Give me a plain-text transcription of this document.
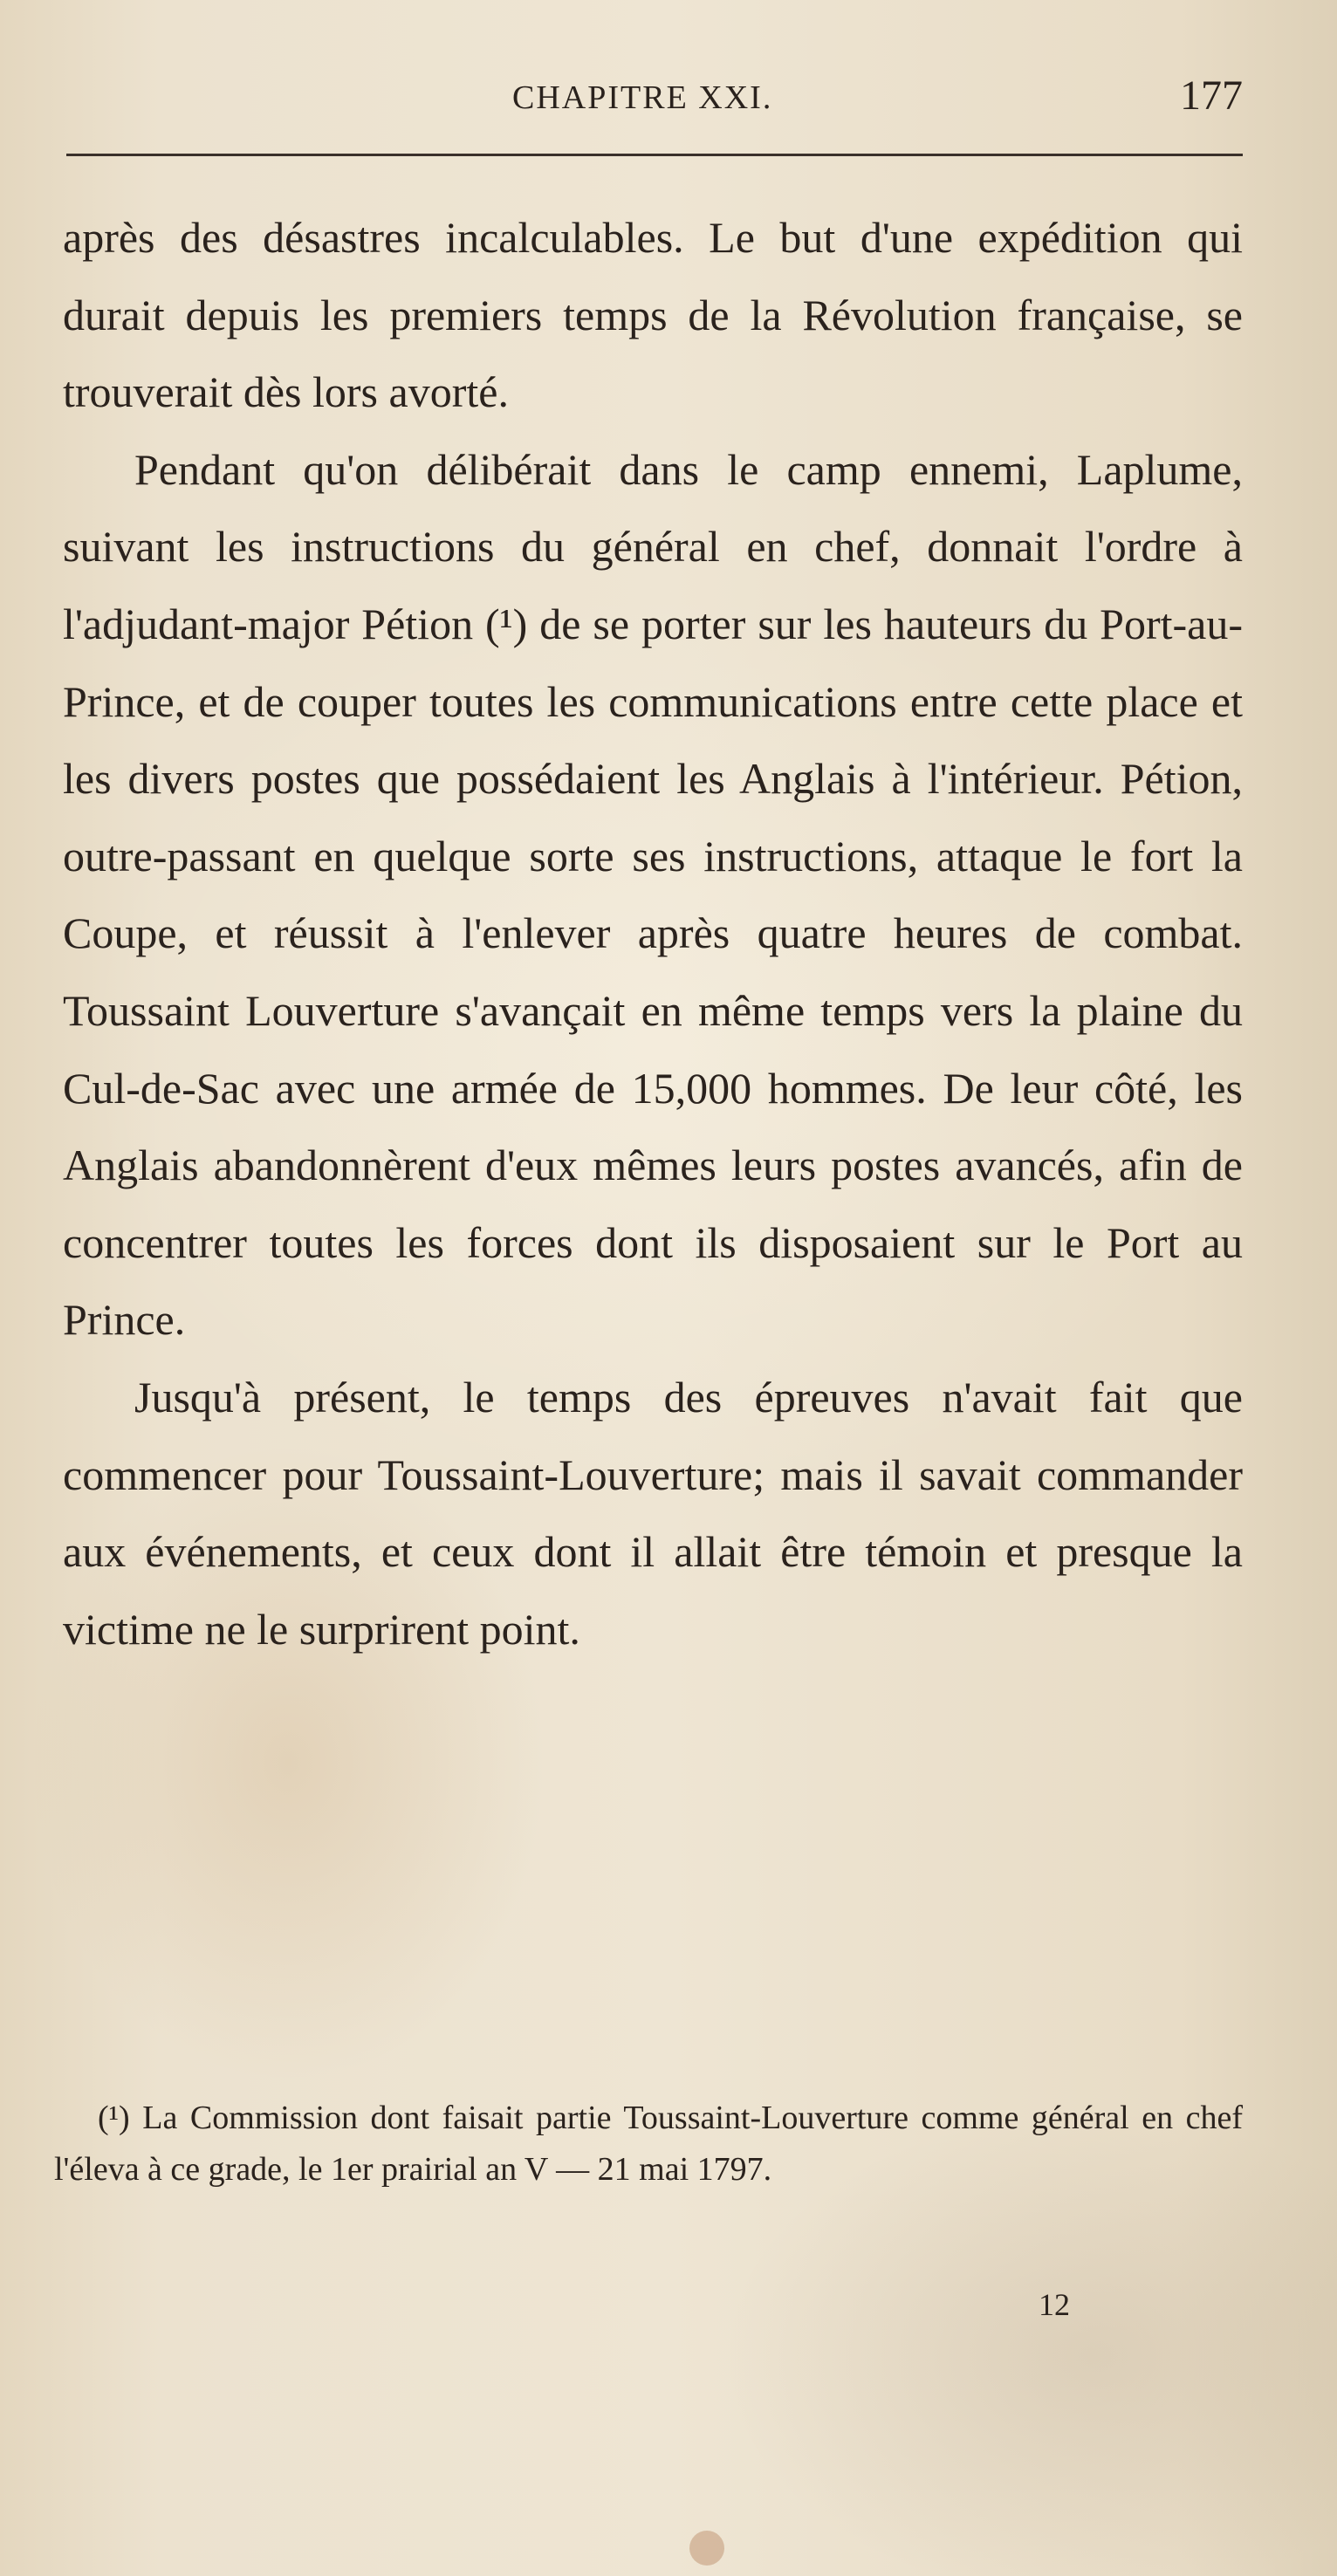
CHAPITRE XXI.	177

après des désastres incalculables. Le but d'une expédition qui durait depuis les premiers temps de la Révolution française, se trouverait dès lors avorté.

Pendant qu'on délibérait dans le camp ennemi, Laplume, suivant les instructions du général en chef, donnait l'ordre à l'adjudant-major Pétion (¹) de se porter sur les hauteurs du Port-au-Prince, et de couper toutes les communications entre cette place et les divers postes que possédaient les Anglais à l'intérieur. Pétion, outre-passant en quelque sorte ses instructions, attaque le fort la Coupe, et réussit à l'enlever après quatre heures de combat. Toussaint Louverture s'avançait en même temps vers la plaine du Cul-de-Sac avec une armée de 15,000 hommes. De leur côté, les Anglais abandonnèrent d'eux mêmes leurs postes avancés, afin de concentrer toutes les forces dont ils disposaient sur le Port au Prince.

Jusqu'à présent, le temps des épreuves n'avait fait que commencer pour Toussaint-Louverture; mais il savait commander aux événements, et ceux dont il allait être témoin et presque la victime ne le surprirent point.

(¹) La Commission dont faisait partie Toussaint-Louverture comme général en chef l'éleva à ce grade, le 1er prairial an V — 21 mai 1797.

12
